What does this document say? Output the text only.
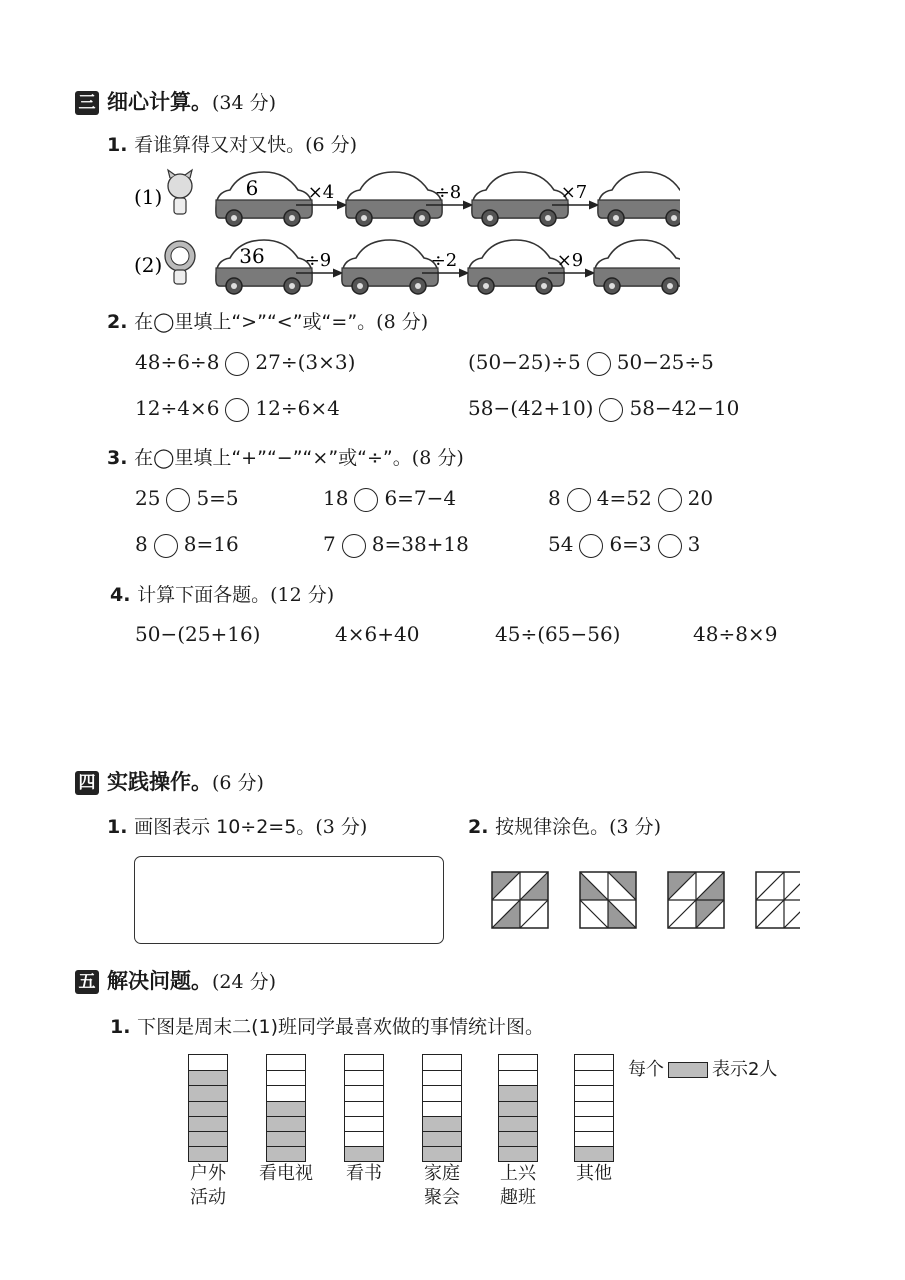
三 细心计算。(34 分)
1. 看谁算得又对又快。(6 分)
(1)	6	×4	÷8	×7
(2)	36 ÷9	÷2	×9
2. 在◯里填上“>”“<”或“=”。(8 分)
48÷6÷8 27÷(3×3)	(50−25)÷5 50−25÷5
12÷4×6 12÷6×4	58−(42+10) 58−42−10
3. 在◯里填上“+”“−”“×”或“÷”。(8 分)
25 5=5	18 6=7−4	8 4=52 20
8 8=16	7 8=38+18	54 6=3 3
4. 计算下面各题。(12 分)
50−(25+16)	4×6+40	45÷(65−56)	48÷8×9
四 实践操作。(6 分)
1. 画图表示 10÷2=5。(3 分)	2. 按规律涂色。(3 分)
五 解决问题。(24 分)
1. 下图是周末二(1)班同学最喜欢做的事情统计图。
户外
活动
看电视	看书	家庭
聚会
上兴
趣班
其他
每个	表示2人
